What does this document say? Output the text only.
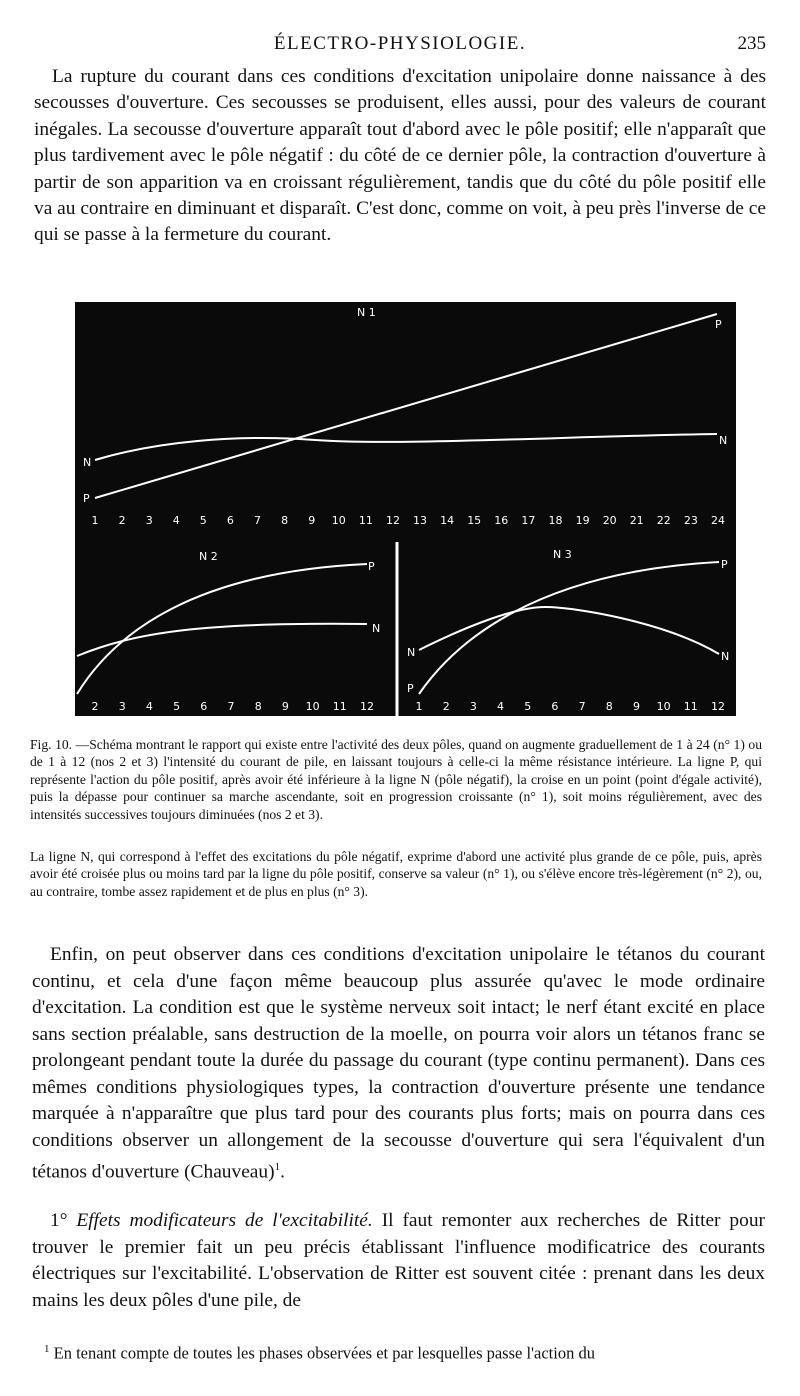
ÉLECTRO-PHYSIOLOGIE.	235

La rupture du courant dans ces conditions d'excitation unipolaire donne naissance à des secousses d'ouverture. Ces secousses se produisent, elles aussi, pour des valeurs de courant inégales. La secousse d'ouverture apparaît tout d'abord avec le pôle positif; elle n'apparaît que plus tardivement avec le pôle négatif : du côté de ce dernier pôle, la contraction d'ouverture à partir de son apparition va en croissant régulièrement, tandis que du côté du pôle positif elle va au contraire en diminuant et disparaît. C'est donc, comme on voit, à peu près l'inverse de ce qui se passe à la fermeture du courant.

N 1
N
P
N
P
1 2 3 4 5 6 7 8 9 10 11 12 13 14 15 16 17 18 19 20 21 22 23 24
N 2
P
N
2 3 4 5 6 7 8 9 10 11 12
N 3
N
P
P
N
1 2 3 4 5 6 7 8 9 10 11 12

Fig. 10. —Schéma montrant le rapport qui existe entre l'activité des deux pôles, quand on augmente graduellement de 1 à 24 (n° 1) ou de 1 à 12 (nos 2 et 3) l'intensité du courant de pile, en laissant toujours à celle-ci la même résistance intérieure. La ligne P, qui représente l'action du pôle positif, après avoir été inférieure à la ligne N (pôle négatif), la croise en un point (point d'égale activité), puis la dépasse pour continuer sa marche ascendante, soit en progression croissante (n° 1), soit moins régulièrement, avec des intensités successives toujours diminuées (nos 2 et 3).

La ligne N, qui correspond à l'effet des excitations du pôle négatif, exprime d'abord une activité plus grande de ce pôle, puis, après avoir été croisée plus ou moins tard par la ligne du pôle positif, conserve sa valeur (n° 1), ou s'élève encore très-légèrement (n° 2), ou, au contraire, tombe assez rapidement et de plus en plus (n° 3).

Enfin, on peut observer dans ces conditions d'excitation unipolaire le tétanos du courant continu, et cela d'une façon même beaucoup plus assurée qu'avec le mode ordinaire d'excitation. La condition est que le système nerveux soit intact; le nerf étant excité en place sans section préalable, sans destruction de la moelle, on pourra voir alors un tétanos franc se prolongeant pendant toute la durée du passage du courant (type continu permanent). Dans ces mêmes conditions physiologiques types, la contraction d'ouverture présente une tendance marquée à n'apparaître que plus tard pour des courants plus forts; mais on pourra dans ces conditions observer un allongement de la secousse d'ouverture qui sera l'équivalent d'un tétanos d'ouverture (Chauveau)$^1$.

1° Effets modificateurs de l'excitabilité. Il faut remonter aux recherches de Ritter pour trouver le premier fait un peu précis établissant l'influence modificatrice des courants électriques sur l'excitabilité. L'observation de Ritter est souvent citée : prenant dans les deux mains les deux pôles d'une pile, de

$^1$ En tenant compte de toutes les phases observées et par lesquelles passe l'action du
